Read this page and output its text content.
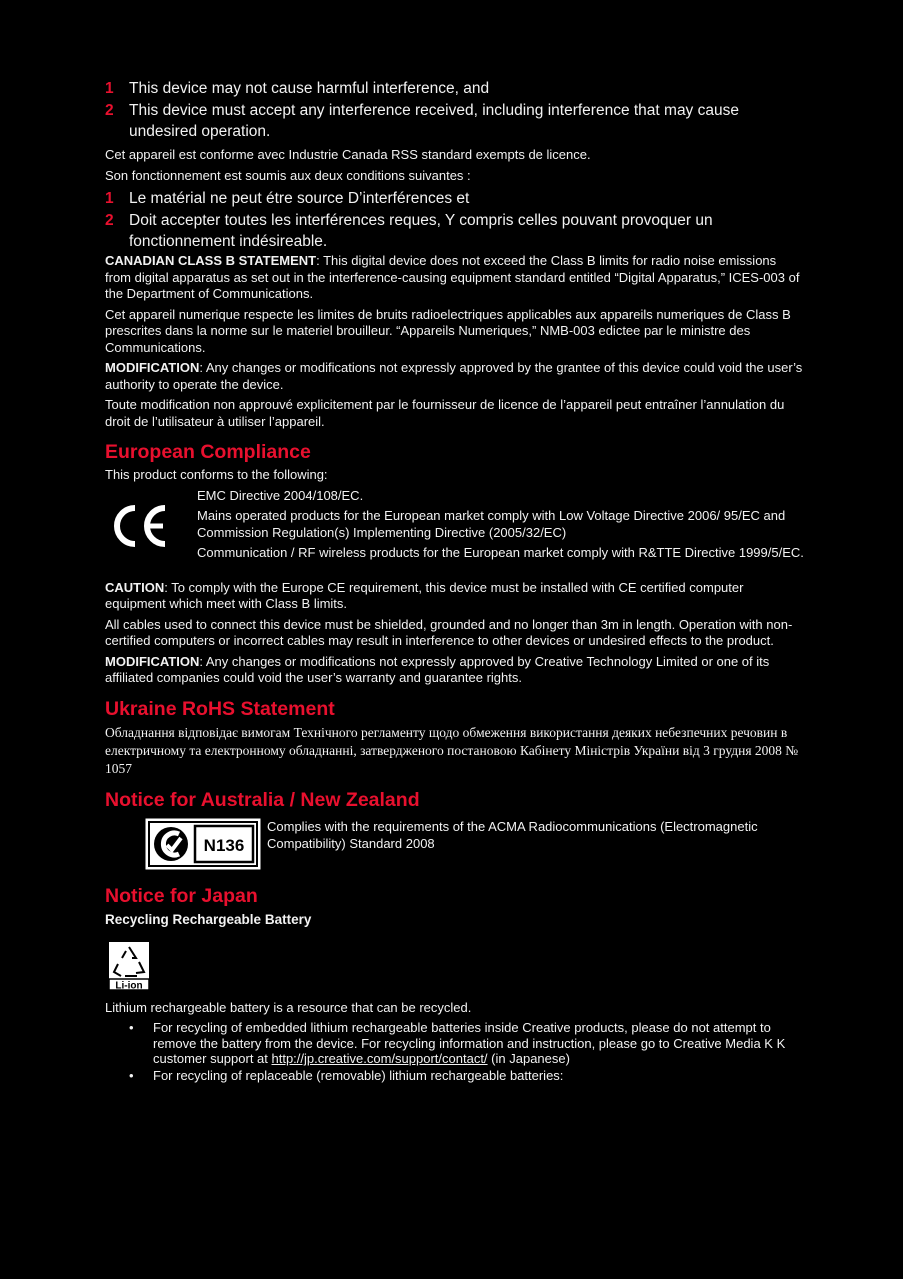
1 This device may not cause harmful interference, and
2 This device must accept any interference received, including interference that may cause undesired operation.
Cet appareil est conforme avec Industrie Canada RSS standard exempts de licence.
Son fonctionnement est soumis aux deux conditions suivantes :
1 Le matérial ne peut étre source D’interférences et
2 Doit accepter toutes les interférences reques, Y compris celles pouvant provoquer un fonctionnement indésireable.
CANADIAN CLASS B STATEMENT: This digital device does not exceed the Class B limits for radio noise emissions from digital apparatus as set out in the interference-causing equipment standard entitled “Digital Apparatus,” ICES-003 of the Department of Communications.
Cet appareil numerique respecte les limites de bruits radioelectriques applicables aux appareils numeriques de Class B prescrites dans la norme sur le materiel brouilleur. “Appareils Numeriques,” NMB-003 edictee par le ministre des Communications.
MODIFICATION: Any changes or modifications not expressly approved by the grantee of this device could void the user’s authority to operate the device.
Toute modification non approuvé explicitement par le fournisseur de licence de l’appareil peut entraîner l’annulation du droit de l’utilisateur à utiliser l’appareil.
European Compliance
This product conforms to the following:
EMC Directive 2004/108/EC.
Mains operated products for the European market comply with Low Voltage Directive 2006/ 95/EC and Commission Regulation(s) Implementing Directive (2005/32/EC)
Communication / RF wireless products for the European market comply with R&TTE Directive 1999/5/EC.
CAUTION: To comply with the Europe CE requirement, this device must be installed with CE certified computer equipment which meet with Class B limits.
All cables used to connect this device must be shielded, grounded and no longer than 3m in length. Operation with non-certified computers or incorrect cables may result in interference to other devices or undesired effects to the product.
MODIFICATION: Any changes or modifications not expressly approved by Creative Technology Limited or one of its affiliated companies could void the user’s warranty and guarantee rights.
Ukraine RoHS Statement
Обладнання відповідає вимогам Технічного регламенту щодо обмеження використання деяких небезпечних речовин в електричному та електронному обладнанні, затвердженого постановою Кабінету Міністрів України від 3 грудня 2008 № 1057
Notice for Australia / New Zealand
N136
Complies with the requirements of the ACMA Radiocommunications (Electromagnetic Compatibility) Standard 2008
Notice for Japan
Recycling Rechargeable Battery
Li-ion
Lithium rechargeable battery is a resource that can be recycled.
• For recycling of embedded lithium rechargeable batteries inside Creative products, please do not attempt to remove the battery from the device. For recycling information and instruction, please go to Creative Media K K customer support at http://jp.creative.com/support/contact/ (in Japanese)
• For recycling of replaceable (removable) lithium rechargeable batteries:
